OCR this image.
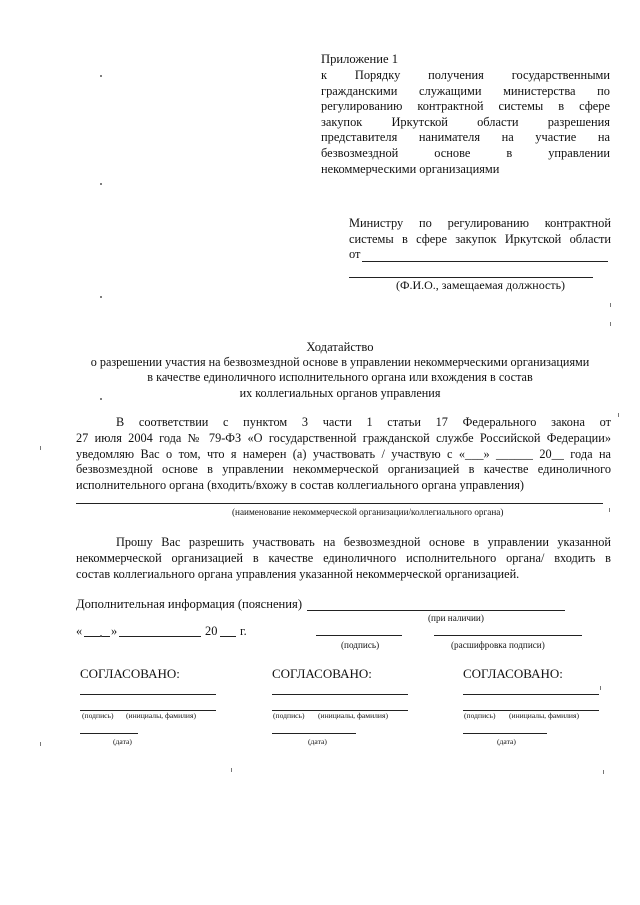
Приложение 1
к Порядку получения государственными
гражданскими служащими министерства по
регулированию контрактной системы в сфере
закупок Иркутской области разрешения
представителя нанимателя на участие на
безвозмездной основе в управлении
некоммерческими организациями
Министру по регулированию контрактной
системы в сфере закупок Иркутской области
от
(Ф.И.О., замещаемая должность)
Ходатайство
о разрешении участия на безвозмездной основе в управлении некоммерческими организациями
в качестве единоличного исполнительного органа или вхождения в состав
их коллегиальных органов управления
В соответствии с пунктом 3 части 1 статьи 17 Федерального закона от
27 июля 2004 года № 79-ФЗ «О государственной гражданской службе Российской Федерации»
уведомляю Вас о том, что я намерен (а) участвовать / участвую с «___» ______ 20__ года на
безвозмездной основе в управлении некоммерческой организацией в качестве единоличного
исполнительного органа (входить/вхожу в состав коллегиального органа управления)
(наименование некоммерческой организации/коллегиального органа)
Прошу Вас разрешить участвовать на безвозмездной основе в управлении указанной
некоммерческой организацией в качестве единоличного исполнительного органа/ входить в
состав коллегиального органа управления указанной некоммерческой организацией.
Дополнительная информация (пояснения)
(при наличии)
« »	20 г.
(подпись)	(расшифровка подписи)
СОГЛАСОВАНО:
(подпись) (инициалы, фамилия)
(дата)
СОГЛАСОВАНО:
(подпись) (инициалы, фамилия)
(дата)
СОГЛАСОВАНО:
(подпись) (инициалы, фамилия)
(дата)
